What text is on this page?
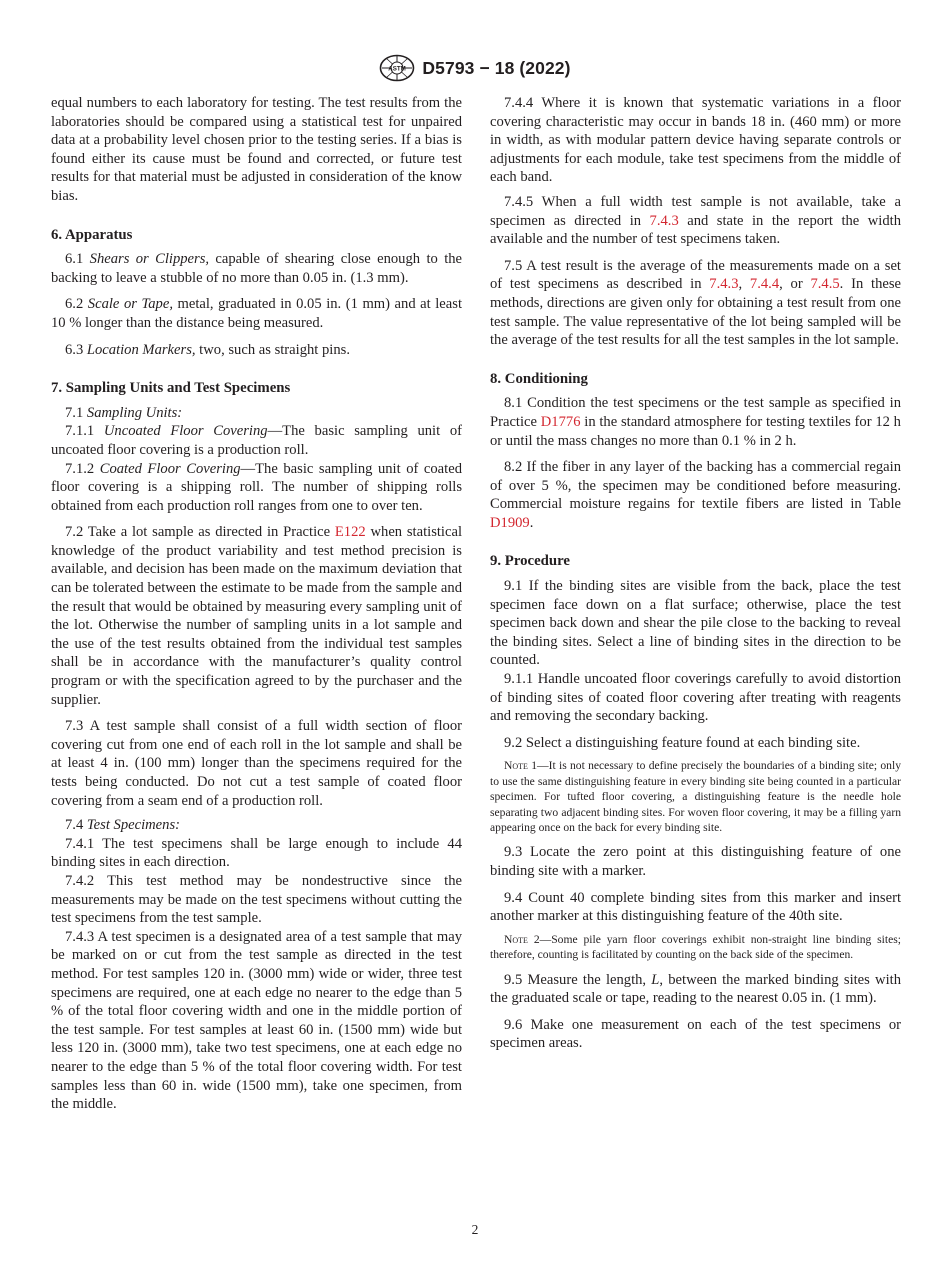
ASTM D5793 − 18 (2022)

equal numbers to each laboratory for testing. The test results from the laboratories should be compared using a statistical test for unpaired data at a probability level chosen prior to the testing series. If a bias is found either its cause must be found and corrected, or future test results for that material must be adjusted in consideration of the know bias.

6. Apparatus

6.1 Shears or Clippers, capable of shearing close enough to the backing to leave a stubble of no more than 0.05 in. (1.3 mm).

6.2 Scale or Tape, metal, graduated in 0.05 in. (1 mm) and at least 10 % longer than the distance being measured.

6.3 Location Markers, two, such as straight pins.

7. Sampling Units and Test Specimens

7.1 Sampling Units:

7.1.1 Uncoated Floor Covering—The basic sampling unit of uncoated floor covering is a production roll.

7.1.2 Coated Floor Covering—The basic sampling unit of coated floor covering is a shipping roll. The number of shipping rolls obtained from each production roll ranges from one to over ten.

7.2 Take a lot sample as directed in Practice E122 when statistical knowledge of the product variability and test method precision is available, and decision has been made on the maximum deviation that can be tolerated between the estimate to be made from the sample and the result that would be obtained by measuring every sampling unit of the lot. Otherwise the number of sampling units in a lot sample and the use of the test results obtained from the individual test samples shall be in accordance with the manufacturer’s quality control program or with the specification agreed to by the purchaser and the supplier.

7.3 A test sample shall consist of a full width section of floor covering cut from one end of each roll in the lot sample and shall be at least 4 in. (100 mm) longer than the specimens required for the tests being conducted. Do not cut a test sample of coated floor covering from a seam end of a production roll.

7.4 Test Specimens:

7.4.1 The test specimens shall be large enough to include 44 binding sites in each direction.

7.4.2 This test method may be nondestructive since the measurements may be made on the test specimens without cutting the test specimens from the test sample.

7.4.3 A test specimen is a designated area of a test sample that may be marked on or cut from the test sample as directed in the test method. For test samples 120 in. (3000 mm) wide or wider, three test specimens are required, one at each edge no nearer to the edge than 5 % of the total floor covering width and one in the middle portion of the test sample. For test samples at least 60 in. (1500 mm) wide but less 120 in. (3000 mm), take two test specimens, one at each edge no nearer to the edge than 5 % of the total floor covering width. For test samples less than 60 in. wide (1500 mm), take one specimen, from the middle.

7.4.4 Where it is known that systematic variations in a floor covering characteristic may occur in bands 18 in. (460 mm) or more in width, as with modular pattern device having separate controls or adjustments for each module, take test specimens from the middle of each band.

7.4.5 When a full width test sample is not available, take a specimen as directed in 7.4.3 and state in the report the width available and the number of test specimens taken.

7.5 A test result is the average of the measurements made on a set of test specimens as described in 7.4.3, 7.4.4, or 7.4.5. In these methods, directions are given only for obtaining a test result from one test sample. The value representative of the lot being sampled will be the average of the test results for all the test samples in the lot sample.

8. Conditioning

8.1 Condition the test specimens or the test sample as specified in Practice D1776 in the standard atmosphere for testing textiles for 12 h or until the mass changes no more than 0.1 % in 2 h.

8.2 If the fiber in any layer of the backing has a commercial regain of over 5 %, the specimen may be conditioned before measuring. Commercial moisture regains for textile fibers are listed in Table D1909.

9. Procedure

9.1 If the binding sites are visible from the back, place the test specimen face down on a flat surface; otherwise, place the test specimen back down and shear the pile close to the backing to reveal the binding sites. Select a line of binding sites in the direction to be counted.

9.1.1 Handle uncoated floor coverings carefully to avoid distortion of binding sites of coated floor covering after treating with reagents and removing the secondary backing.

9.2 Select a distinguishing feature found at each binding site.

Note 1—It is not necessary to define precisely the boundaries of a binding site; only to use the same distinguishing feature in every binding site being counted in a particular specimen. For tufted floor covering, a distinguishing feature is the needle hole separating two adjacent binding sites. For woven floor covering, it may be a filling yarn appearing once on the back for every binding site.

9.3 Locate the zero point at this distinguishing feature of one binding site with a marker.

9.4 Count 40 complete binding sites from this marker and insert another marker at this distinguishing feature of the 40th site.

Note 2—Some pile yarn floor coverings exhibit non-straight line binding sites; therefore, counting is facilitated by counting on the back side of the specimen.

9.5 Measure the length, L, between the marked binding sites with the graduated scale or tape, reading to the nearest 0.05 in. (1 mm).

9.6 Make one measurement on each of the test specimens or specimen areas.

2
